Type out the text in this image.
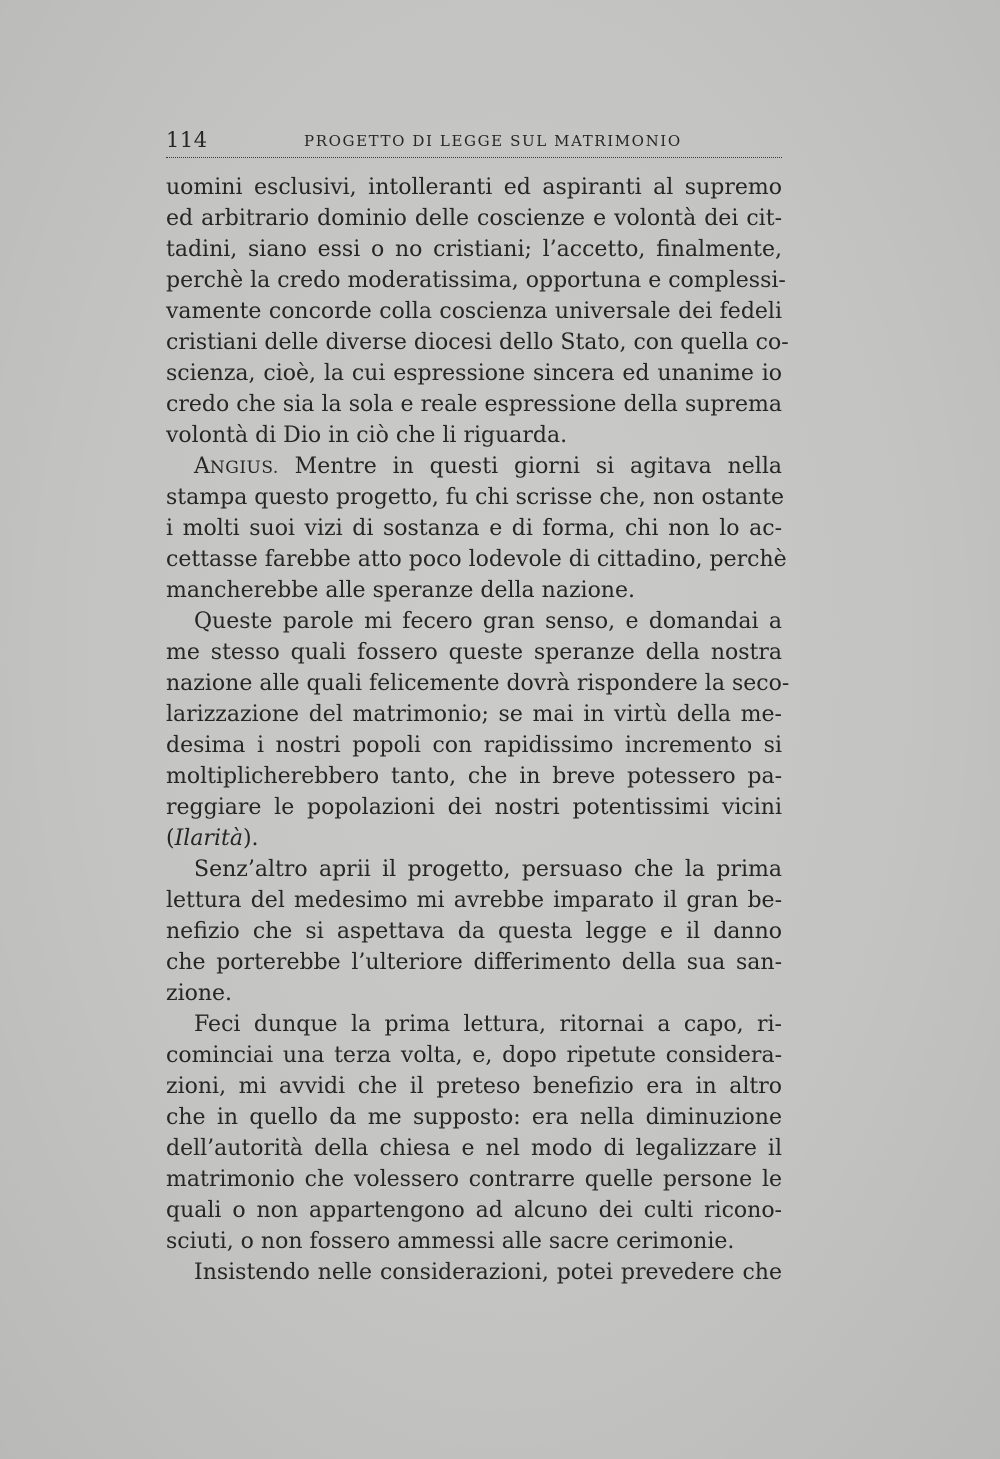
114	PROGETTO DI LEGGE SUL MATRIMONIO
uomini esclusivi, intolleranti ed aspiranti al supremo
ed arbitrario dominio delle coscienze e volontà dei cit-
tadini, siano essi o no cristiani; l’accetto, finalmente,
perchè la credo moderatissima, opportuna e complessi-
vamente concorde colla coscienza universale dei fedeli
cristiani delle diverse diocesi dello Stato, con quella co-
scienza, cioè, la cui espressione sincera ed unanime io
credo che sia la sola e reale espressione della suprema
volontà di Dio in ciò che li riguarda.
ANGIUS. Mentre in questi giorni si agitava nella
stampa questo progetto, fu chi scrisse che, non ostante
i molti suoi vizi di sostanza e di forma, chi non lo ac-
cettasse farebbe atto poco lodevole di cittadino, perchè
mancherebbe alle speranze della nazione.
Queste parole mi fecero gran senso, e domandai a
me stesso quali fossero queste speranze della nostra
nazione alle quali felicemente dovrà rispondere la seco-
larizzazione del matrimonio; se mai in virtù della me-
desima i nostri popoli con rapidissimo incremento si
moltiplicherebbero tanto, che in breve potessero pa-
reggiare le popolazioni dei nostri potentissimi vicini
(Ilarità).
Senz’altro aprii il progetto, persuaso che la prima
lettura del medesimo mi avrebbe imparato il gran be-
nefizio che si aspettava da questa legge e il danno
che porterebbe l’ulteriore differimento della sua san-
zione.
Feci dunque la prima lettura, ritornai a capo, ri-
cominciai una terza volta, e, dopo ripetute considera-
zioni, mi avvidi che il preteso benefizio era in altro
che in quello da me supposto: era nella diminuzione
dell’autorità della chiesa e nel modo di legalizzare il
matrimonio che volessero contrarre quelle persone le
quali o non appartengono ad alcuno dei culti ricono-
sciuti, o non fossero ammessi alle sacre cerimonie.
Insistendo nelle considerazioni, potei prevedere che
